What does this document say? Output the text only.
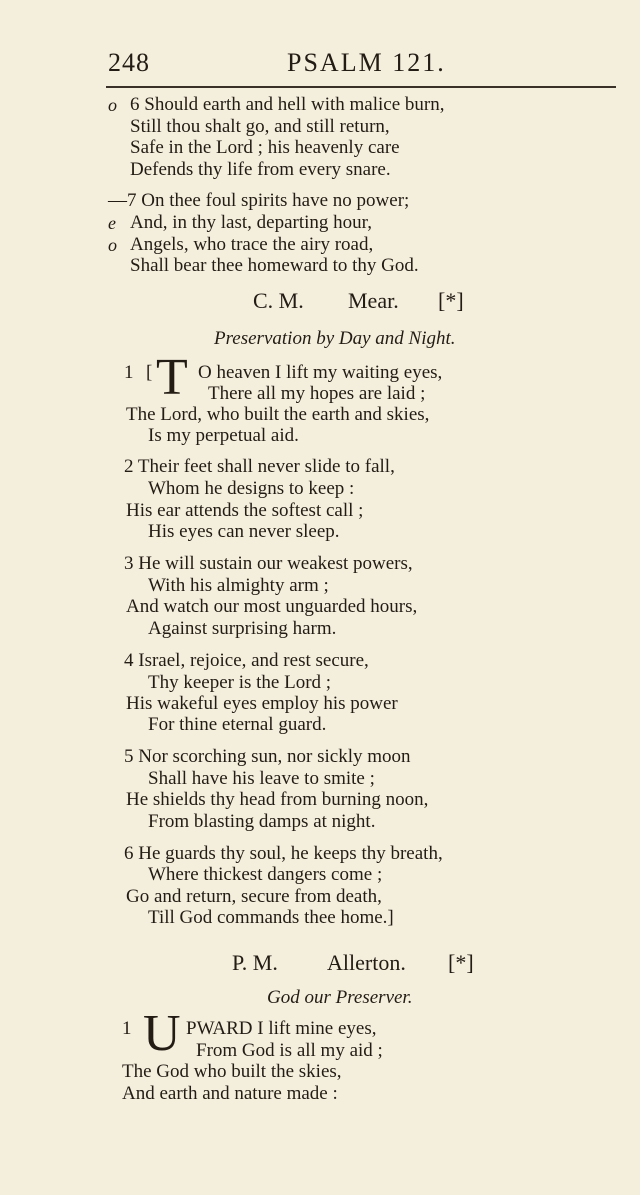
248	PSALM 121.
o 6 Should earth and hell with malice burn,
Still thou shalt go, and still return,
Safe in the Lord ; his heavenly care
Defends thy life from every snare.
—7 On thee foul spirits have no power;
e And, in thy last, departing hour,
o Angels, who trace the airy road,
Shall bear thee homeward to thy God.
C. M. Mear. [*]
Preservation by Day and Night.
1 [ T O heaven I lift my waiting eyes,
There all my hopes are laid ;
The Lord, who built the earth and skies,
Is my perpetual aid.
2 Their feet shall never slide to fall,
Whom he designs to keep :
His ear attends the softest call ;
His eyes can never sleep.
3 He will sustain our weakest powers,
With his almighty arm ;
And watch our most unguarded hours,
Against surprising harm.
4 Israel, rejoice, and rest secure,
Thy keeper is the Lord ;
His wakeful eyes employ his power
For thine eternal guard.
5 Nor scorching sun, nor sickly moon
Shall have his leave to smite ;
He shields thy head from burning noon,
From blasting damps at night.
6 He guards thy soul, he keeps thy breath,
Where thickest dangers come ;
Go and return, secure from death,
Till God commands thee home.]
P. M. Allerton. [*]
God our Preserver.
1 U PWARD I lift mine eyes,
From God is all my aid ;
The God who built the skies,
And earth and nature made :
